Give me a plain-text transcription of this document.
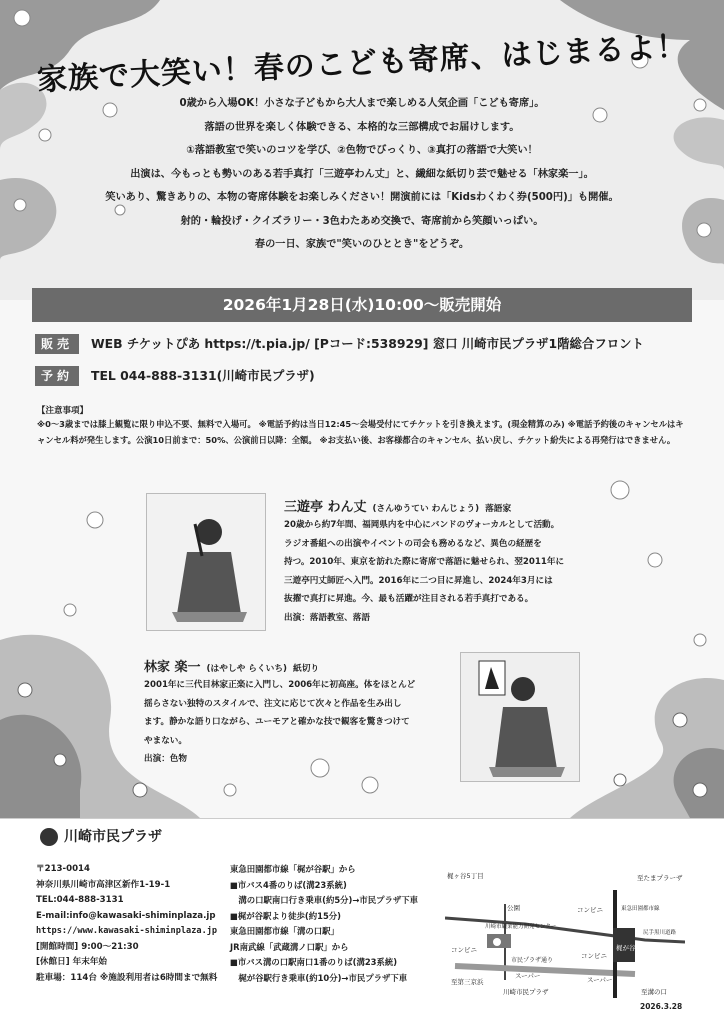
家族で大笑い！春のこども寄席、はじまるよ！

0歳から入場OK！小さな子どもから大人まで楽しめる人気企画「こども寄席」。

落語の世界を楽しく体験できる、本格的な三部構成でお届けします。

①落語教室で笑いのコツを学び、②色物でびっくり、③真打の落語で大笑い！

出演は、今もっとも勢いのある若手真打「三遊亭わん丈」と、繊細な紙切り芸で魅せる「林家楽一」。

笑いあり、驚きありの、本物の寄席体験をお楽しみください！開演前には「Kidsわくわく券(500円)」も開催。

射的・輪投げ・クイズラリー・3色わたあめ交換で、寄席前から笑顔いっぱい。

春の一日、家族で"笑いのひととき"をどうぞ。

2026年1月28日(水)10:00〜販売開始
販売 WEB チケットぴあ https://t.pia.jp/ [Pコード:538929] 窓口 川崎市民プラザ1階総合フロント
予約 TEL 044-888-3131(川崎市民プラザ)
【注意事項】
※0〜3歳までは膝上観覧に限り申込不要、無料で入場可。 ※電話予約は当日12:45〜会場受付にてチケットを引き換えます。(現金精算のみ) ※電話予約後のキャンセルはキャンセル料が発生します。公演10日前まで：50%、公演前日以降：全額。 ※お支払い後、お客様都合のキャンセル、払い戻し、チケット紛失による再発行はできません。
三遊亭 わん丈 (さんゆうてい わんじょう) 落語家
20歳から約7年間、福岡県内を中心にバンドのヴォーカルとして活動。
ラジオ番組への出演やイベントの司会も務めるなど、異色の経歴を
持つ。2010年、東京を訪れた際に寄席で落語に魅せられ、翌2011年に
三遊亭円丈師匠へ入門。2016年に二つ目に昇進し、2024年3月には
抜擢で真打に昇進。今、最も活躍が注目される若手真打である。
出演：落語教室、落語
林家 楽一 (はやしや らくいち) 紙切り
2001年に三代目林家正楽に入門し、2006年に初高座。体をほとんど
揺らさない独特のスタイルで、注文に応じて次々と作品を生み出し
ます。静かな語り口ながら、ユーモアと確かな技で観客を驚きつけて
やまない。
出演：色物
川崎市民プラザ
〒213-0014
神奈川県川崎市高津区新作1-19-1
TEL:044-888-3131
E-mail:info@kawasaki-shiminplaza.jp
https://www.kawasaki-shiminplaza.jp
[開館時間] 9:00〜21:30
[休館日] 年末年始
駐車場：114台 ※施設利用者は6時間まで無料
東急田園都市線「梶が谷駅」から
■市バス4番のりば(溝23系統)
　溝の口駅南口行き乗車(約5分)→市民プラザ下車
■梶が谷駅より徒歩(約15分)
東急田園都市線「溝の口駅」
JR南武線「武蔵溝ノ口駅」から
■市バス溝の口駅南口1番のりば(溝23系統)
　梶が谷駅行き乗車(約10分)→市民プラザ下車
梶ヶ谷5丁目	至たまプラーザ
公園
川崎市職業能力開発センター
市民プラザ通り
スーパー
コンビニ
至第三京浜
コンビニ
コンビニ
梶が谷駅
東急田園都市線
尻手黒川道路
スーパー
至溝の口
川崎市民プラザ
2026.3.28
